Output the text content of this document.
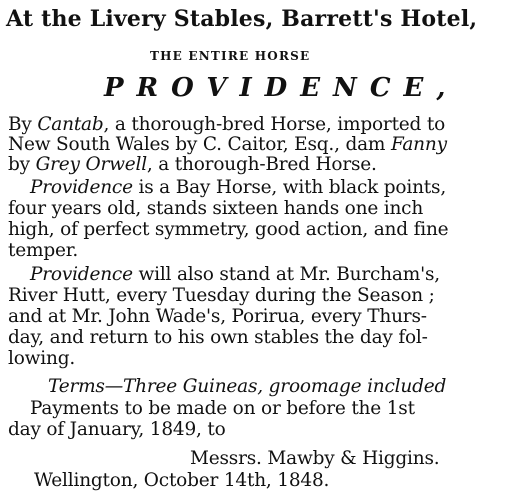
At the Livery Stables, Barrett's Hotel,
THE ENTIRE HORSE
PROVIDENCE,
By Cantab, a thorough-bred Horse, imported to
New South Wales by C. Caitor, Esq., dam Fanny
by Grey Orwell, a thorough-Bred Horse.
Providence is a Bay Horse, with black points,
four years old, stands sixteen hands one inch
high, of perfect symmetry, good action, and fine
temper.
Providence will also stand at Mr. Burcham's,
River Hutt, every Tuesday during the Season ;
and at Mr. John Wade's, Porirua, every Thurs-
day, and return to his own stables the day fol-
lowing.
Terms—Three Guineas, groomage included
Payments to be made on or before the 1st
day of January, 1849, to
Messrs. Mawby & Higgins.
Wellington, October 14th, 1848.
